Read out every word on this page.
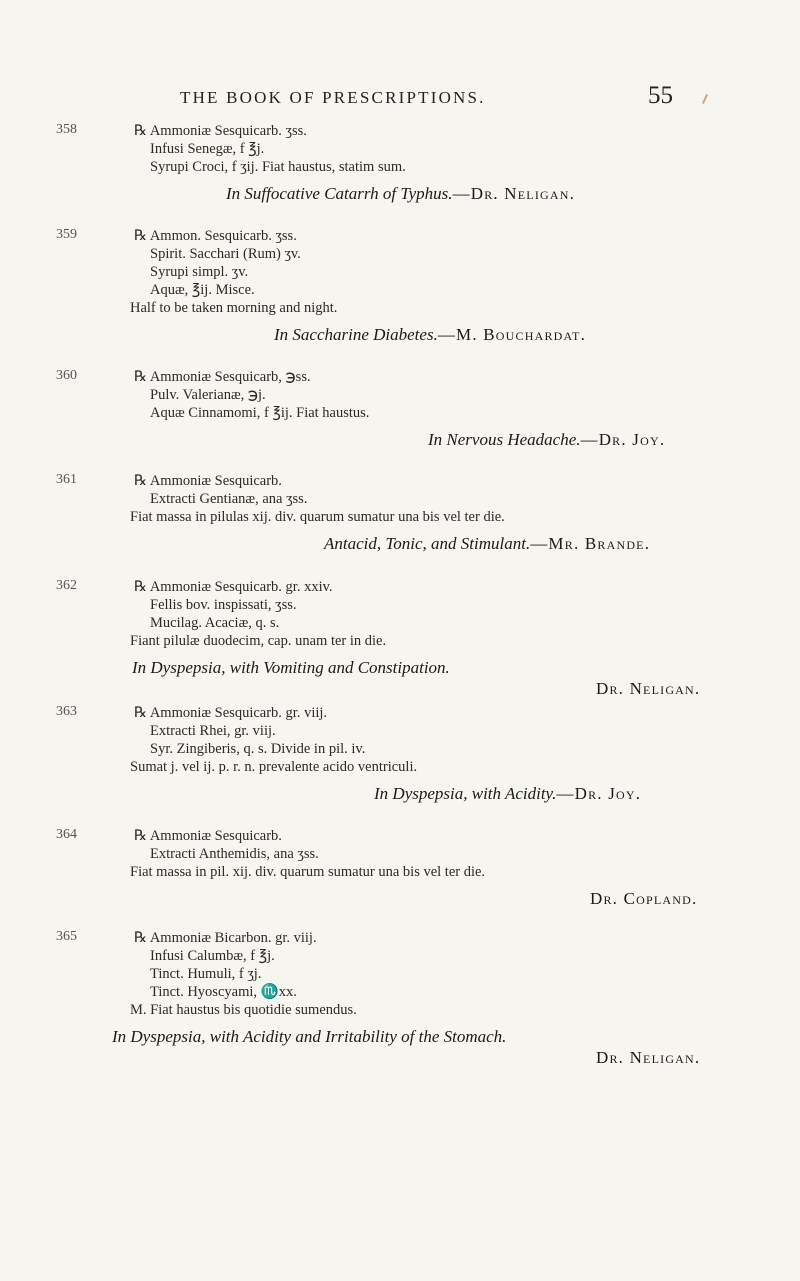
THE BOOK OF PRESCRIPTIONS.	55
358	℞ Ammoniæ Sesquicarb. ʒss.
Infusi Senegæ, f ℥j.
Syrupi Croci, f ʒij. Fiat haustus, statim sum.
In Suffocative Catarrh of Typhus.—Dr. Neligan.
359	℞ Ammon. Sesquicarb. ʒss.
Spirit. Sacchari (Rum) ʒv.
Syrupi simpl. ʒv.
Aquæ, ℥ij. Misce.
Half to be taken morning and night.
In Saccharine Diabetes.—M. Bouchardat.
360	℞ Ammoniæ Sesquicarb, ℈ss.
Pulv. Valerianæ, ℈j.
Aquæ Cinnamomi, f ℥ij. Fiat haustus.
In Nervous Headache.—Dr. Joy.
361	℞ Ammoniæ Sesquicarb.
Extracti Gentianæ, ana ʒss.
Fiat massa in pilulas xij. div. quarum sumatur una bis vel ter die.
Antacid, Tonic, and Stimulant.—Mr. Brande.
362	℞ Ammoniæ Sesquicarb. gr. xxiv.
Fellis bov. inspissati, ʒss.
Mucilag. Acaciæ, q. s.
Fiant pilulæ duodecim, cap. unam ter in die.
In Dyspepsia, with Vomiting and Constipation.
Dr. Neligan.
363	℞ Ammoniæ Sesquicarb. gr. viij.
Extracti Rhei, gr. viij.
Syr. Zingiberis, q. s. Divide in pil. iv.
Sumat j. vel ij. p. r. n. prevalente acido ventriculi.
In Dyspepsia, with Acidity.—Dr. Joy.
364	℞ Ammoniæ Sesquicarb.
Extracti Anthemidis, ana ʒss.
Fiat massa in pil. xij. div. quarum sumatur una bis vel ter die.
Dr. Copland.
365	℞ Ammoniæ Bicarbon. gr. viij.
Infusi Calumbæ, f ℥j.
Tinct. Humuli, f ʒj.
Tinct. Hyoscyami, ♏xx.
M. Fiat haustus bis quotidie sumendus.
In Dyspepsia, with Acidity and Irritability of the Stomach.
Dr. Neligan.
